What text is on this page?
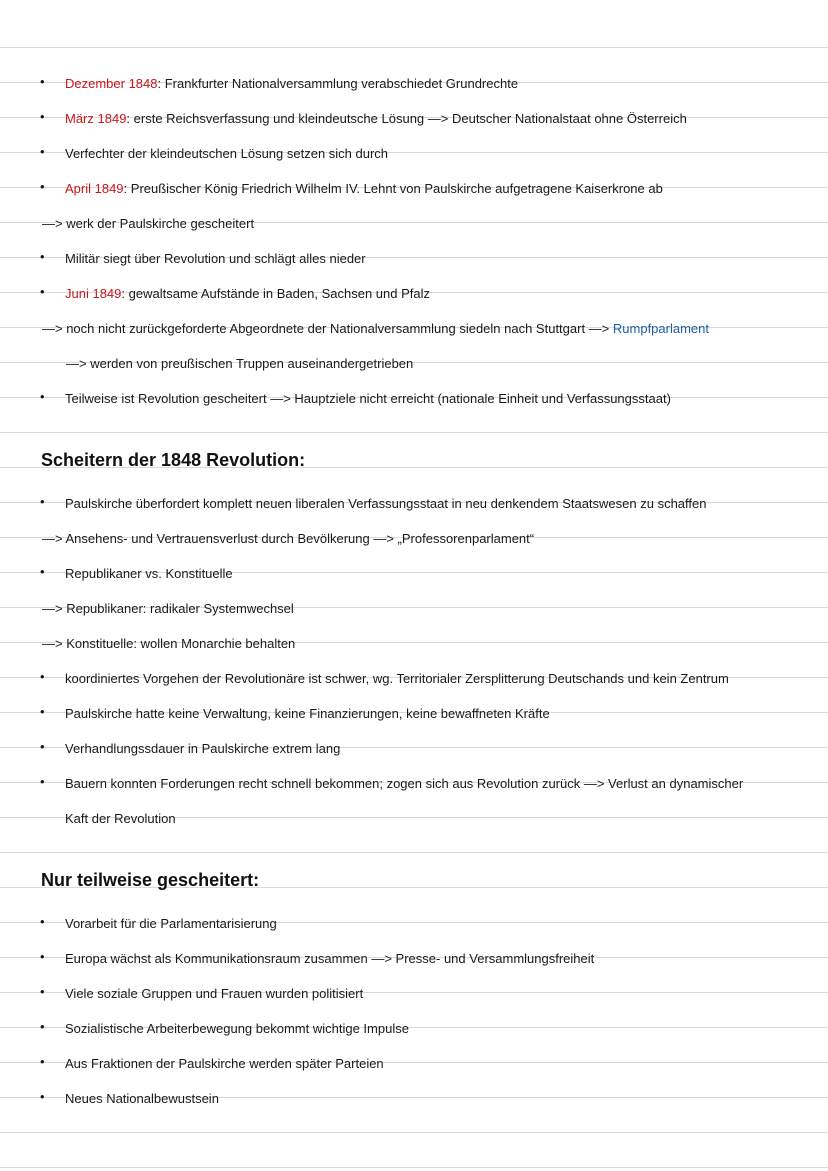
• Dezember 1848: Frankfurter Nationalversammlung verabschiedet Grundrechte
• März 1849: erste Reichsverfassung und kleindeutsche Lösung —> Deutscher Nationalstaat ohne Österreich
• Verfechter der kleindeutschen Lösung setzen sich durch
• April 1849: Preußischer König Friedrich Wilhelm IV. Lehnt von Paulskirche aufgetragene Kaiserkrone ab
—> werk der Paulskirche gescheitert
• Militär siegt über Revolution und schlägt alles nieder
• Juni 1849: gewaltsame Aufstände in Baden, Sachsen und Pfalz
—> noch nicht zurückgeforderte Abgeordnete der Nationalversammlung siedeln nach Stuttgart —> Rumpfparlament
—> werden von preußischen Truppen auseinandergetrieben
• Teilweise ist Revolution gescheitert —> Hauptziele nicht erreicht (nationale Einheit und Verfassungsstaat)
Scheitern der 1848 Revolution:
• Paulskirche überfordert komplett neuen liberalen Verfassungsstaat in neu denkendem Staatswesen zu schaffen
—> Ansehens- und Vertrauensverlust durch Bevölkerung —> „Professorenparlament“
• Republikaner vs. Konstituelle
—> Republikaner: radikaler Systemwechsel
—> Konstituelle: wollen Monarchie behalten
• koordiniertes Vorgehen der Revolutionäre ist schwer, wg. Territorialer Zersplitterung Deutschands und kein Zentrum
• Paulskirche hatte keine Verwaltung, keine Finanzierungen, keine bewaffneten Kräfte
• Verhandlungssdauer in Paulskirche extrem lang
• Bauern konnten Forderungen recht schnell bekommen; zogen sich aus Revolution zurück —> Verlust an dynamischer
Kaft der Revolution
Nur teilweise gescheitert:
• Vorarbeit für die Parlamentarisierung
• Europa wächst als Kommunikationsraum zusammen —> Presse- und Versammlungsfreiheit
• Viele soziale Gruppen und Frauen wurden politisiert
• Sozialistische Arbeiterbewegung bekommt wichtige Impulse
• Aus Fraktionen der Paulskirche werden später Parteien
• Neues Nationalbewustsein
